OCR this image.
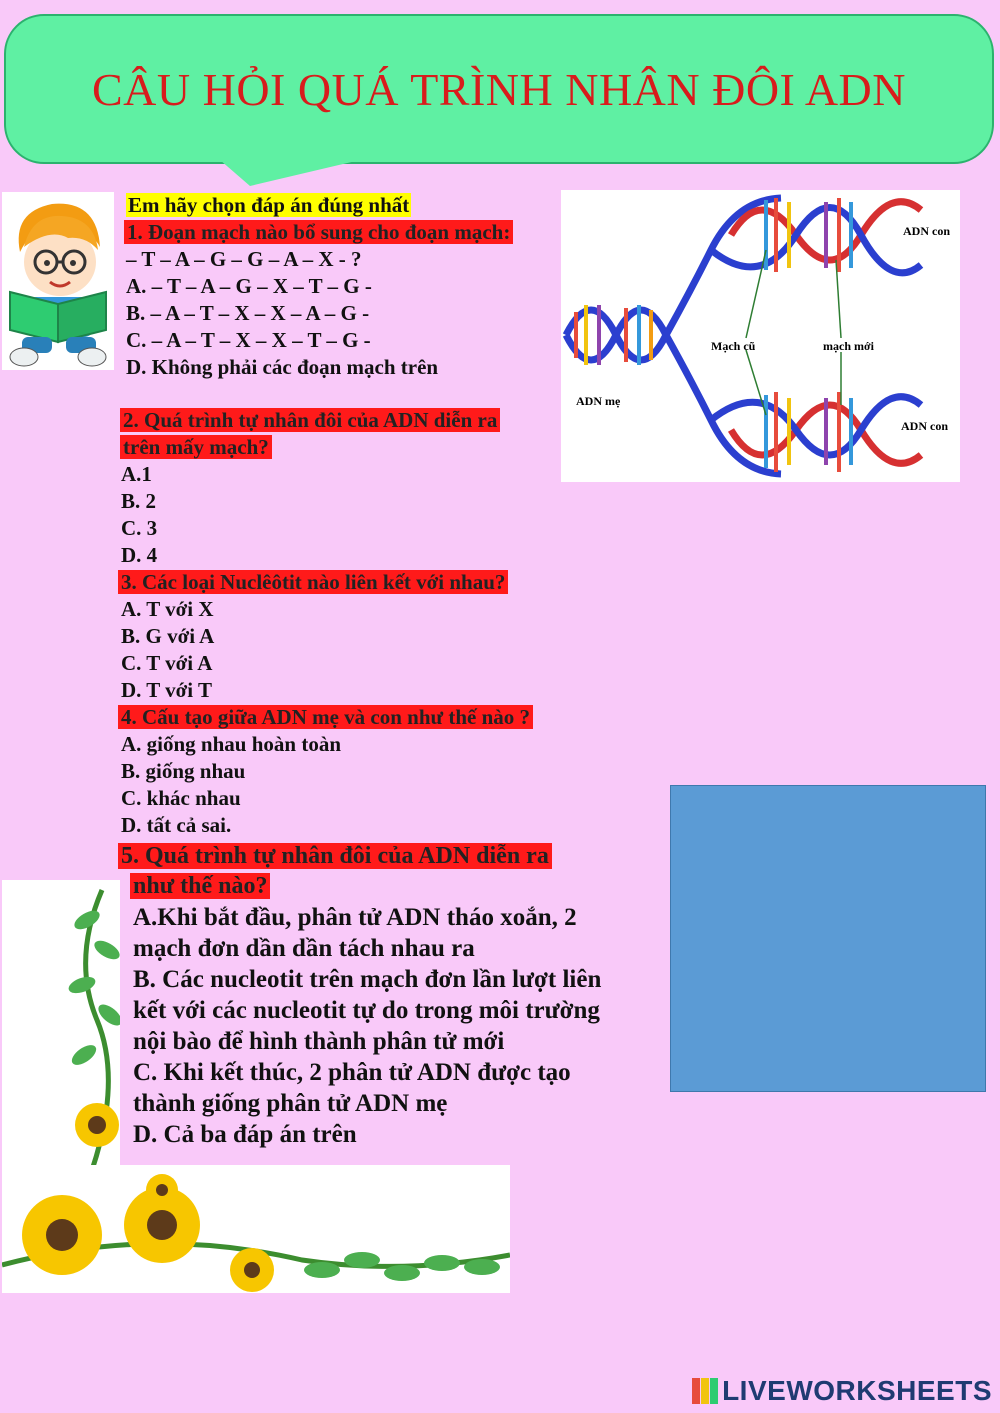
CÂU HỎI QUÁ TRÌNH NHÂN ĐÔI ADN
Em hãy chọn đáp án đúng nhất
1. Đoạn mạch nào bổ sung cho đoạn mạch:
– T – A – G – G – A – X - ?
A. – T – A – G – X – T – G -
B. – A – T – X – X – A – G -
C. – A – T – X – X – T – G -
D. Không phải các đoạn mạch trên
ADN con
Mạch cũ	mạch mới
ADN mẹ
ADN con
2. Quá trình tự nhân đôi của ADN diễn ra
trên mấy mạch?
A.1
B. 2
C. 3
D. 4
3. Các loại Nuclêôtit nào liên kết với nhau?
A. T với X
B. G với A
C. T với A
D. T với T
4. Cấu tạo giữa ADN mẹ và con như thế nào ?
A. giống nhau hoàn toàn
B. giống nhau
C. khác nhau
D. tất cả sai.
5. Quá trình tự nhân đôi của ADN diễn ra
như thế nào?
A.Khi bắt đầu, phân tử ADN tháo xoắn, 2
mạch đơn dần dần tách nhau ra
B. Các nucleotit trên mạch đơn lần lượt liên
kết với các nucleotit tự do trong môi trường
nội bào để hình thành phân tử mới
C. Khi kết thúc, 2 phân tử ADN được tạo
thành giống phân tử ADN mẹ
D. Cả ba đáp án trên
LIVEWORKSHEETS
